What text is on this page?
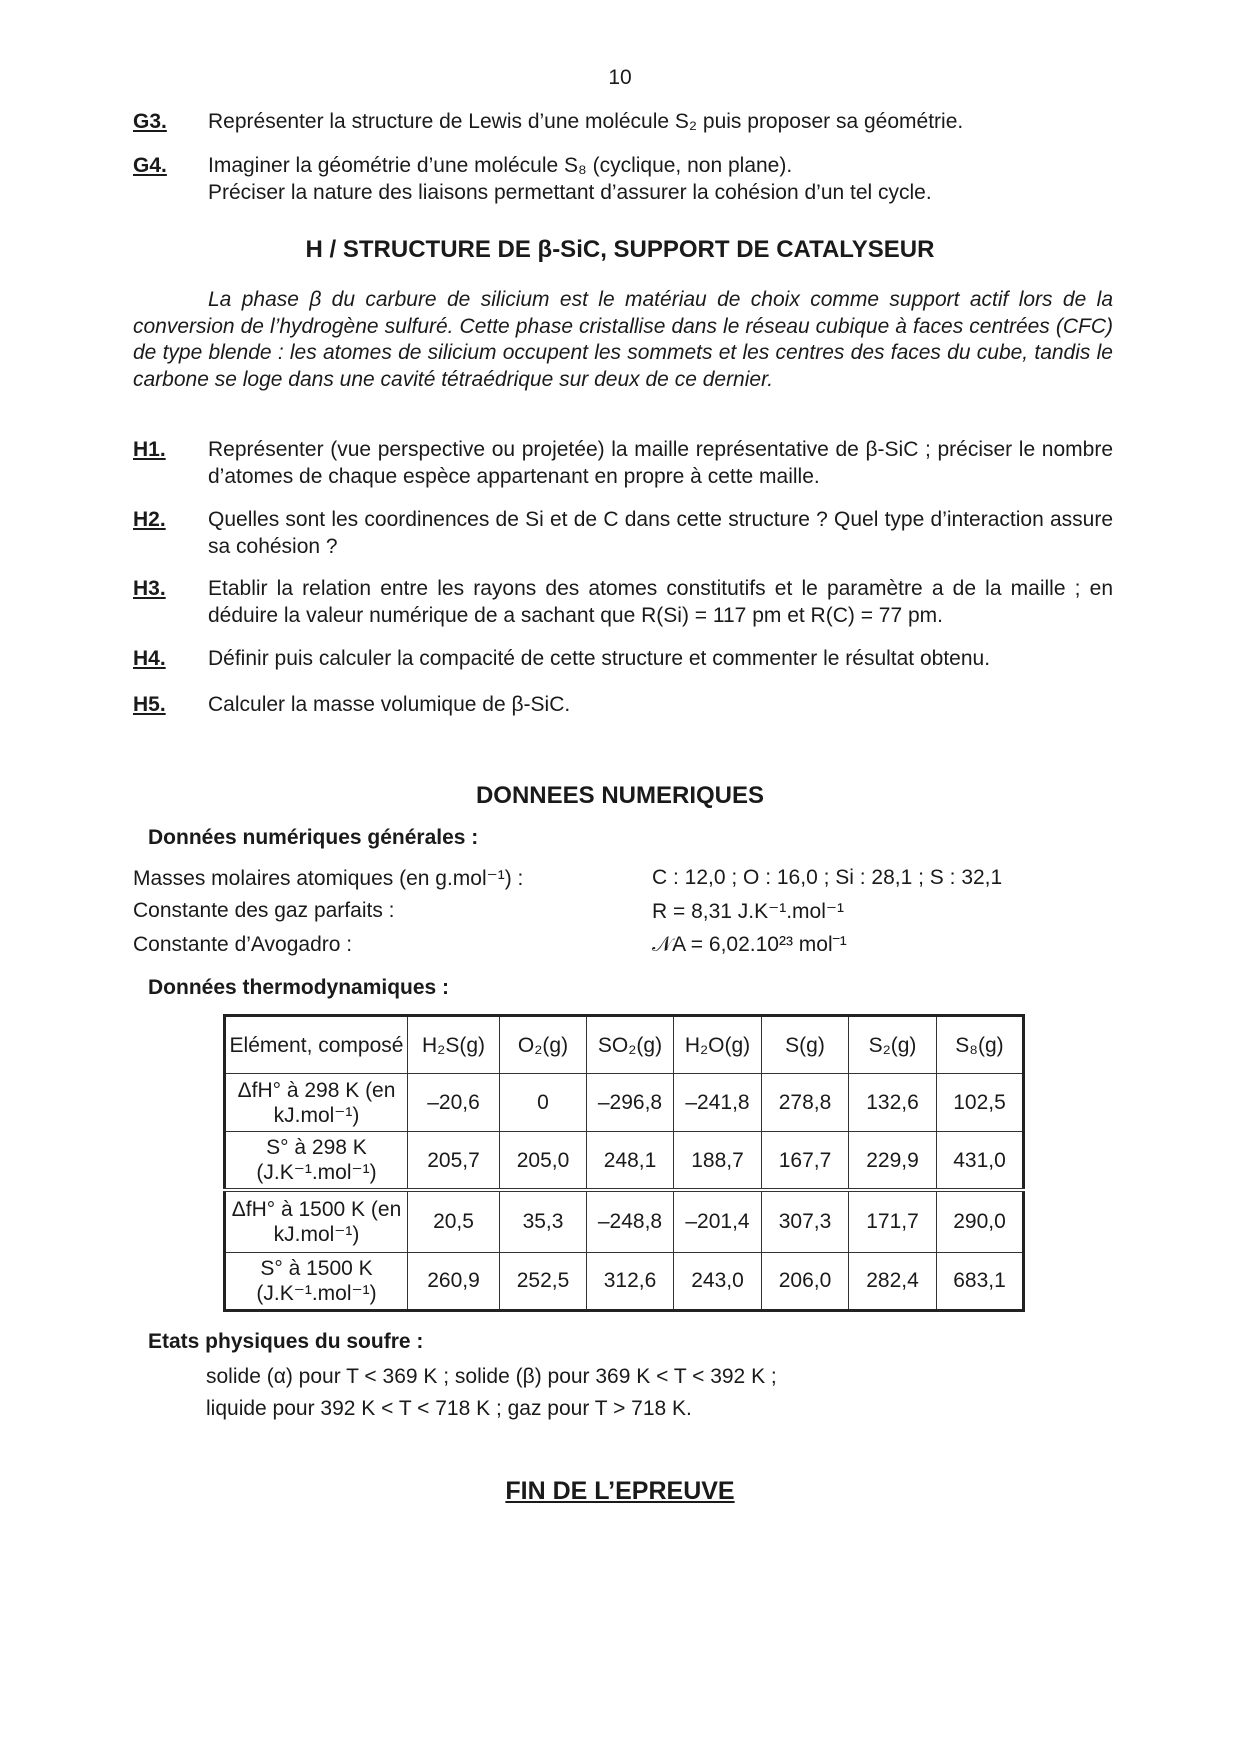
10
G3. Représenter la structure de Lewis d’une molécule S₂ puis proposer sa géométrie.
G4. Imaginer la géométrie d’une molécule S₈ (cyclique, non plane).
Préciser la nature des liaisons permettant d’assurer la cohésion d’un tel cycle.
H / STRUCTURE DE β-SiC, SUPPORT DE CATALYSEUR
La phase β du carbure de silicium est le matériau de choix comme support actif lors de la conversion de l’hydrogène sulfuré. Cette phase cristallise dans le réseau cubique à faces centrées (CFC) de type blende : les atomes de silicium occupent les sommets et les centres des faces du cube, tandis le carbone se loge dans une cavité tétraédrique sur deux de ce dernier.
H1. Représenter (vue perspective ou projetée) la maille représentative de β-SiC ; préciser le nombre d’atomes de chaque espèce appartenant en propre à cette maille.
H2. Quelles sont les coordinences de Si et de C dans cette structure ? Quel type d’interaction assure sa cohésion ?
H3. Etablir la relation entre les rayons des atomes constitutifs et le paramètre a de la maille ; en déduire la valeur numérique de a sachant que R(Si) = 117 pm et R(C) = 77 pm.
H4. Définir puis calculer la compacité de cette structure et commenter le résultat obtenu.
H5. Calculer la masse volumique de β-SiC.
DONNEES NUMERIQUES
Données numériques générales :
Masses molaires atomiques (en g.mol⁻¹) :	C : 12,0 ; O : 16,0 ; Si : 28,1 ; S : 32,1
Constante des gaz parfaits :	R = 8,31 J.K⁻¹.mol⁻¹
Constante d’Avogadro :	𝒩A = 6,02.10²³ mol⁻¹
Données thermodynamiques :
Elément, composé	H₂S(g)	O₂(g)	SO₂(g)	H₂O(g)	S(g)	S₂(g)	S₈(g)
ΔfH° à 298 K (en kJ.mol⁻¹)	–20,6	0	–296,8	–241,8	278,8	132,6	102,5
S° à 298 K (J.K⁻¹.mol⁻¹)	205,7	205,0	248,1	188,7	167,7	229,9	431,0
ΔfH° à 1500 K (en kJ.mol⁻¹)	20,5	35,3	–248,8	–201,4	307,3	171,7	290,0
S° à 1500 K (J.K⁻¹.mol⁻¹)	260,9	252,5	312,6	243,0	206,0	282,4	683,1
Etats physiques du soufre :
solide (α) pour T < 369 K ; solide (β) pour 369 K < T < 392 K ;
liquide pour 392 K < T < 718 K ; gaz pour T > 718 K.
FIN DE L’EPREUVE
